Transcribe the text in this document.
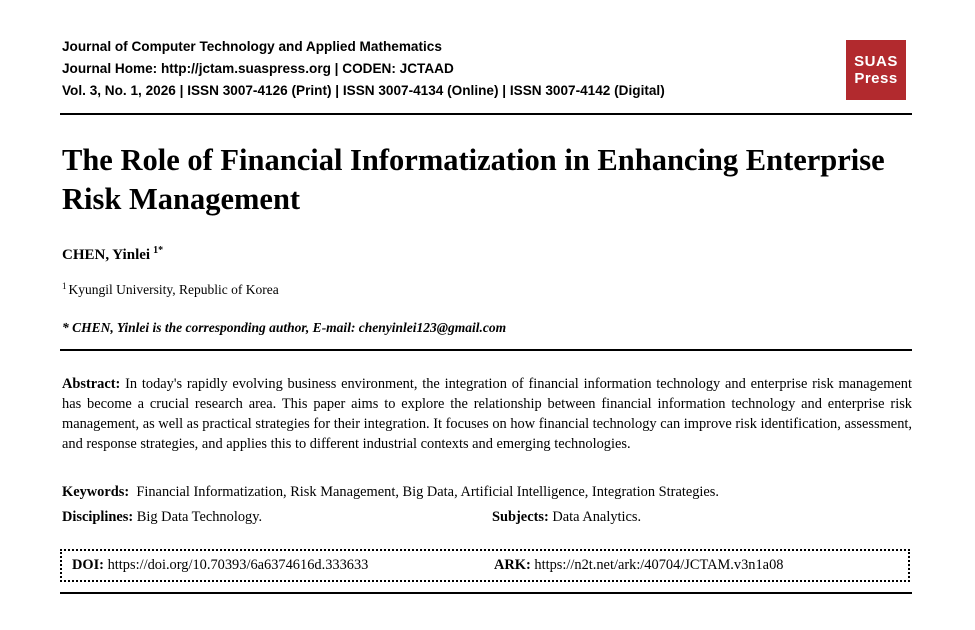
Journal of Computer Technology and Applied Mathematics
Journal Home: http://jctam.suaspress.org | CODEN: JCTAAD
Vol. 3, No. 1, 2026 | ISSN 3007-4126 (Print) | ISSN 3007-4134 (Online) | ISSN 3007-4142 (Digital)
SUAS
Press
The Role of Financial Informatization in Enhancing Enterprise Risk Management
CHEN, Yinlei $^{1*}$
$^1$ Kyungil University, Republic of Korea
* CHEN, Yinlei is the corresponding author, E-mail: chenyinlei123@gmail.com
Abstract: In today's rapidly evolving business environment, the integration of financial information technology and enterprise risk management has become a crucial research area. This paper aims to explore the relationship between financial information technology and enterprise risk management, as well as practical strategies for their integration. It focuses on how financial technology can improve risk identification, assessment, and response strategies, and applies this to different industrial contexts and emerging technologies.
Keywords: Financial Informatization, Risk Management, Big Data, Artificial Intelligence, Integration Strategies.
Disciplines: Big Data Technology.	Subjects: Data Analytics.
DOI: https://doi.org/10.70393/6a6374616d.333633	ARK: https://n2t.net/ark:/40704/JCTAM.v3n1a08
